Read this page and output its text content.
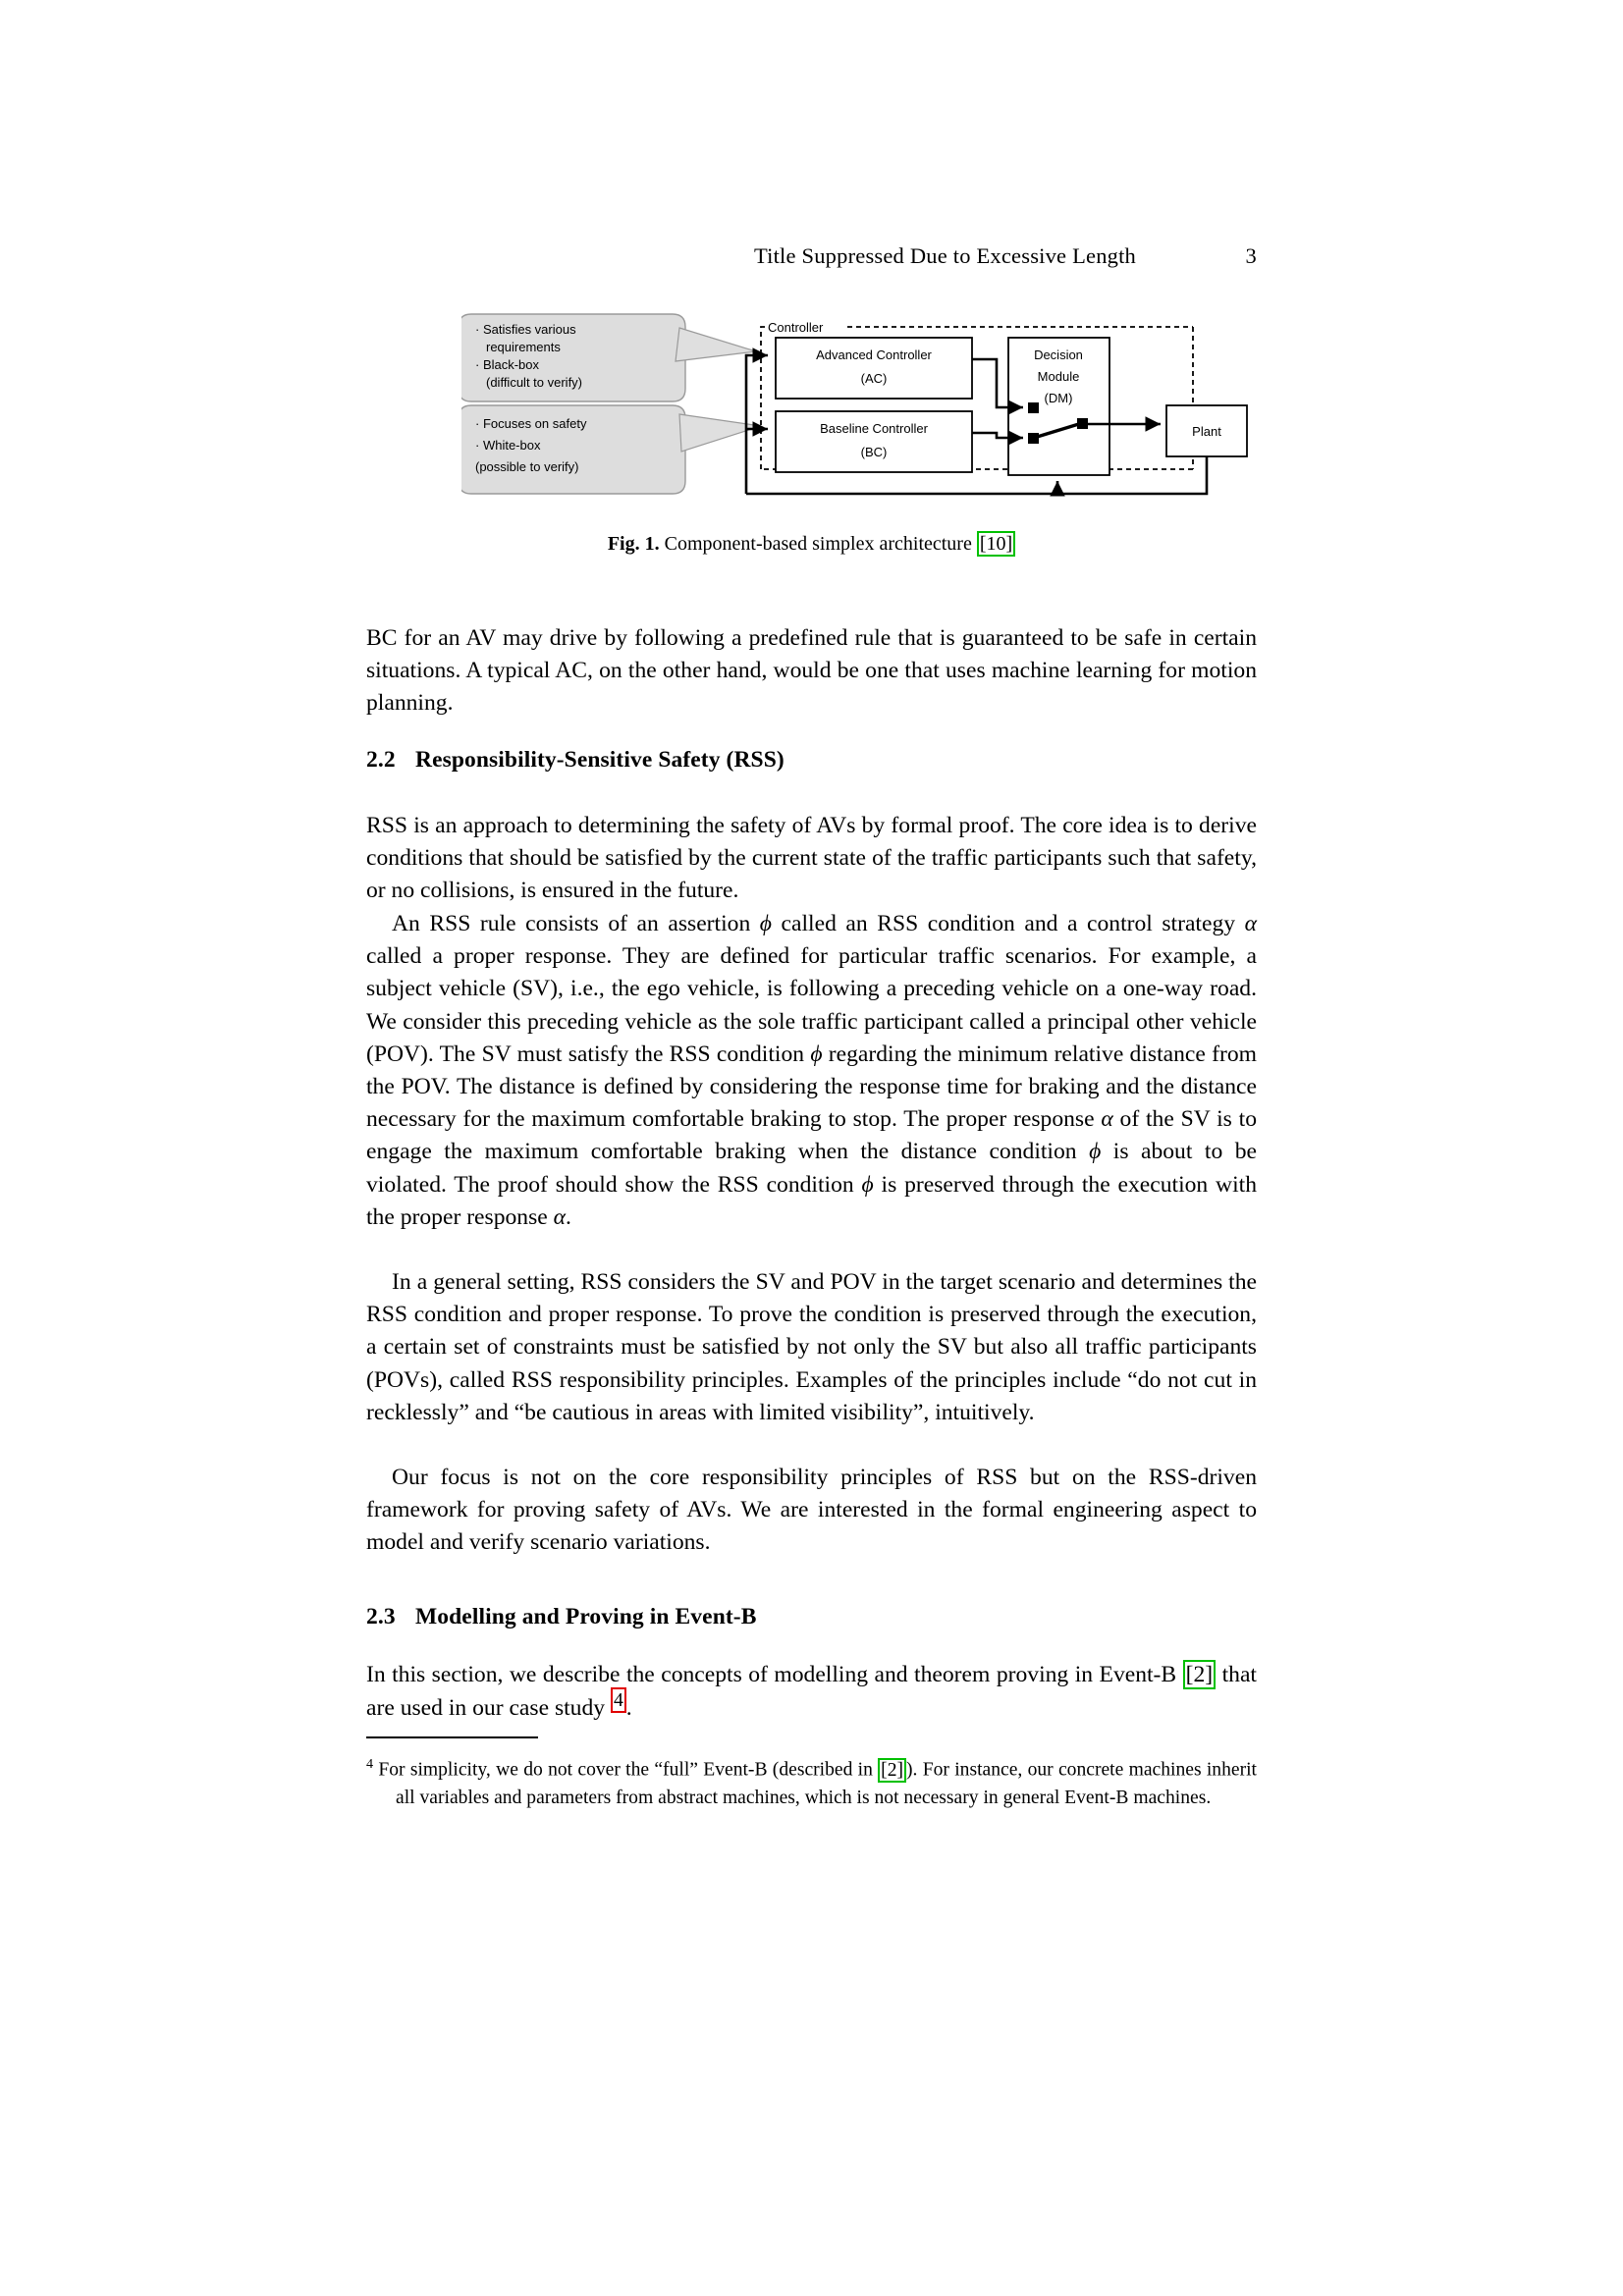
Title Suppressed Due to Excessive Length	3
· Satisfies various
requirements
· Black-box
(difficult to verify)
· Focuses on safety
· White-box
(possible to verify)
Controller
Advanced Controller
(AC)
Baseline Controller
(BC)
Decision
Module
(DM)
Plant
Fig. 1. Component-based simplex architecture [10]

BC for an AV may drive by following a predefined rule that is guaranteed to be safe in certain situations. A typical AC, on the other hand, would be one that uses machine learning for motion planning.

2.2 Responsibility-Sensitive Safety (RSS)

RSS is an approach to determining the safety of AVs by formal proof. The core idea is to derive conditions that should be satisfied by the current state of the traffic participants such that safety, or no collisions, is ensured in the future.

An RSS rule consists of an assertion ϕ called an RSS condition and a control strategy α called a proper response. They are defined for particular traffic scenarios. For example, a subject vehicle (SV), i.e., the ego vehicle, is following a preceding vehicle on a one-way road. We consider this preceding vehicle as the sole traffic participant called a principal other vehicle (POV). The SV must satisfy the RSS condition ϕ regarding the minimum relative distance from the POV. The distance is defined by considering the response time for braking and the distance necessary for the maximum comfortable braking to stop. The proper response α of the SV is to engage the maximum comfortable braking when the distance condition ϕ is about to be violated. The proof should show the RSS condition ϕ is preserved through the execution with the proper response α.

In a general setting, RSS considers the SV and POV in the target scenario and determines the RSS condition and proper response. To prove the condition is preserved through the execution, a certain set of constraints must be satisfied by not only the SV but also all traffic participants (POVs), called RSS responsibility principles. Examples of the principles include “do not cut in recklessly” and “be cautious in areas with limited visibility”, intuitively.

Our focus is not on the core responsibility principles of RSS but on the RSS-driven framework for proving safety of AVs. We are interested in the formal engineering aspect to model and verify scenario variations.

2.3 Modelling and Proving in Event-B

In this section, we describe the concepts of modelling and theorem proving in Event-B [2] that are used in our case study $^4$ .

$^4$ For simplicity, we do not cover the “full” Event-B (described in [2] ). For instance, our concrete machines inherit all variables and parameters from abstract machines, which is not necessary in general Event-B machines.
